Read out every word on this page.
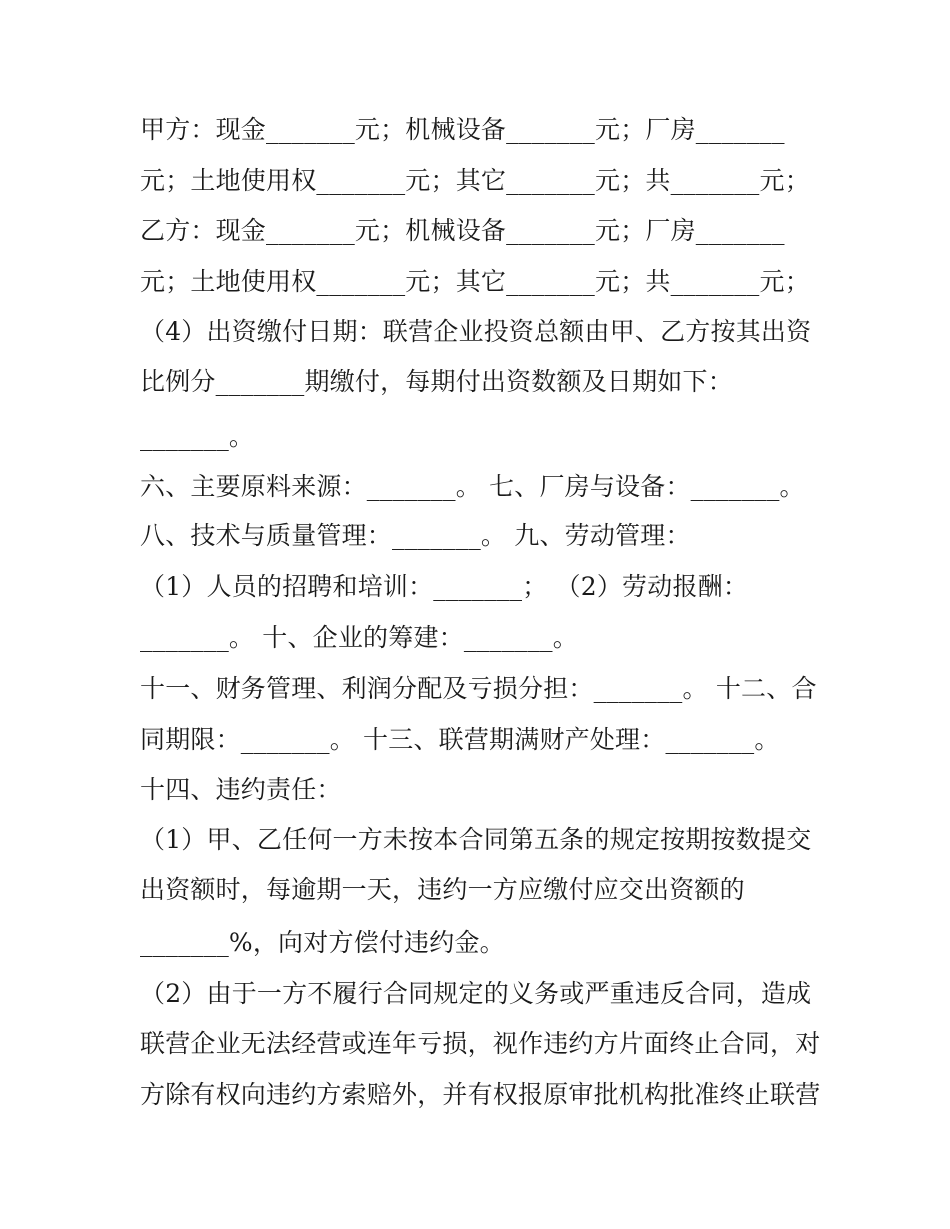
甲方：现金_______元；机械设备_______元；厂房_______
元；土地使用权_______元；其它_______元；共_______元；
乙方：现金_______元；机械设备_______元；厂房_______
元；土地使用权_______元；其它_______元；共_______元；
（4）出资缴付日期：联营企业投资总额由甲、乙方按其出资
比例分_______期缴付，每期付出资数额及日期如下：
_______。
六、主要原料来源：_______。 七、厂房与设备：_______。
八、技术与质量管理：_______。 九、劳动管理：
（1）人员的招聘和培训：_______； （2）劳动报酬：
_______。 十、企业的筹建：_______。
十一、财务管理、利润分配及亏损分担：_______。 十二、合
同期限：_______。 十三、联营期满财产处理：_______。
十四、违约责任：
（1）甲、乙任何一方未按本合同第五条的规定按期按数提交
出资额时，每逾期一天，违约一方应缴付应交出资额的
_______%，向对方偿付违约金。
（2）由于一方不履行合同规定的义务或严重违反合同，造成
联营企业无法经营或连年亏损，视作违约方片面终止合同，对
方除有权向违约方索赔外，并有权报原审批机构批准终止联营
